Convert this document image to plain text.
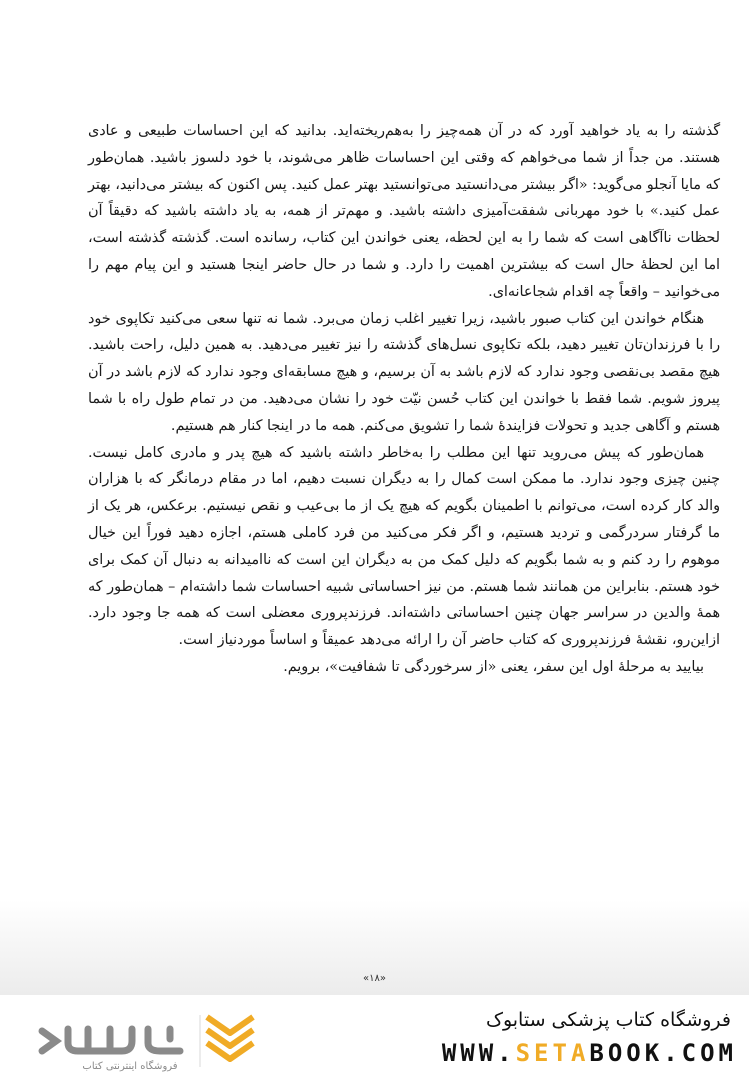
گذشته را به یاد خواهید آورد که در آن همه‌چیز را به‌هم‌ریخته‌اید. بدانید که این احساسات طبیعی و عادی هستند. من جداً از شما می‌خواهم که وقتی این احساسات ظاهر می‌شوند، با خود دلسوز باشید. همان‌طور که مایا آنجلو می‌گوید: «اگر بیشتر می‌دانستید می‌توانستید بهتر عمل کنید. پس اکنون که بیشتر می‌دانید، بهتر عمل کنید.» با خود مهربانی شفقت‌آمیزی داشته باشید. و مهم‌تر از همه، به یاد داشته باشید که دقیقاً آن لحظات ناآگاهی است که شما را به این لحظه، یعنی خواندن این کتاب، رسانده است. گذشته گذشته است، اما این لحظهٔ حال است که بیشترین اهمیت را دارد. و شما در حال حاضر اینجا هستید و این پیام مهم را می‌خوانید – واقعاً چه اقدام شجاعانه‌ای.

هنگام خواندن این کتاب صبور باشید، زیرا تغییر اغلب زمان می‌برد. شما نه تنها سعی می‌کنید تکاپوی خود را با فرزندان‌تان تغییر دهید، بلکه تکاپوی نسل‌های گذشته را نیز تغییر می‌دهید. به همین دلیل، راحت باشید. هیچ مقصد بی‌نقصی وجود ندارد که لازم باشد به آن برسیم، و هیچ مسابقه‌ای وجود ندارد که لازم باشد در آن پیروز شویم. شما فقط با خواندن این کتاب حُسن نیّت خود را نشان می‌دهید. من در تمام طول راه با شما هستم و آگاهی جدید و تحولات فزایندهٔ شما را تشویق می‌کنم. همه ما در اینجا کنار هم هستیم.

همان‌طور که پیش می‌روید تنها این مطلب را به‌خاطر داشته باشید که هیچ پدر و مادری کامل نیست. چنین چیزی وجود ندارد. ما ممکن است کمال را به دیگران نسبت دهیم، اما در مقام درمانگر که با هزاران والد کار کرده است، می‌توانم با اطمینان بگویم که هیچ یک از ما بی‌عیب و نقص نیستیم. برعکس، هر یک از ما گرفتار سردرگمی و تردید هستیم، و اگر فکر می‌کنید من فرد کاملی هستم، اجازه دهید فوراً این خیال موهوم را رد کنم و به شما بگویم که دلیل کمک من به دیگران این است که ناامیدانه به دنبال آن کمک برای خود هستم. بنابراین من همانند شما هستم. من نیز احساساتی شبیه احساسات شما داشته‌ام – همان‌طور که همهٔ والدین در سراسر جهان چنین احساساتی داشته‌اند. فرزندپروری معضلی است که همه جا وجود دارد. ازاین‌رو، نقشهٔ فرزندپروری که کتاب حاضر آن را ارائه می‌دهد عمیقاً و اساساً موردنیاز است.

بیایید به مرحلهٔ اول این سفر، یعنی «از سرخوردگی تا شفافیت»، برویم.

«۱۸»
فروشگاه اینترنتی کتاب
فروشگاه کتاب پزشکی ستابوک
WWW.SETABOOK.COM
